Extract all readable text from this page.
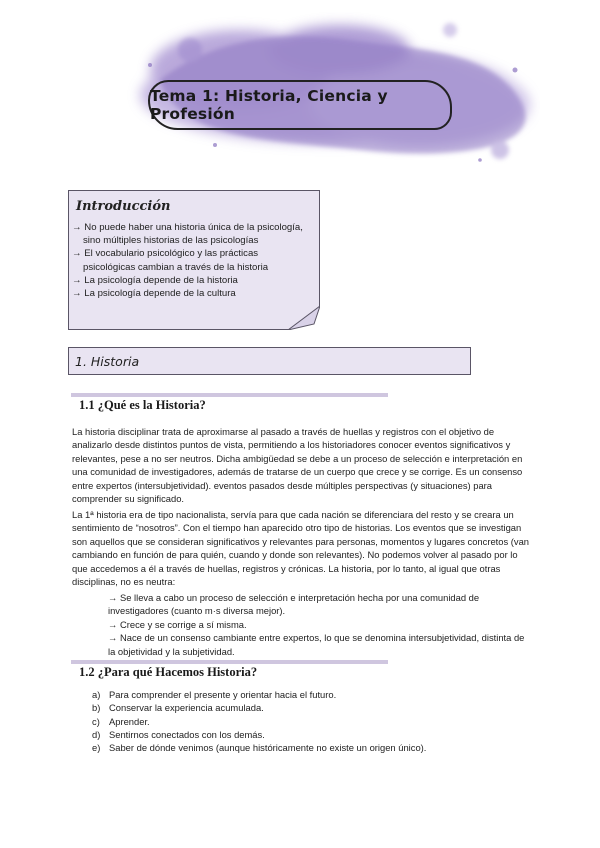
Tema 1: Historia, Ciencia y Profesión
Introducción
→ No puede haber una historia única de la psicología,
sino múltiples historias de las psicologías
→ El vocabulario psicológico y las prácticas
psicológicas cambian a través de la historia
→ La psicología depende de la historia
→ La psicología depende de la cultura
1. Historia
1.1 ¿Qué es la Historia?

La historia disciplinar trata de aproximarse al pasado a través de huellas y registros con el objetivo de analizarlo desde distintos puntos de vista, permitiendo a los historiadores conocer eventos significativos y relevantes, pese a no ser neutros. Dicha ambigüedad se debe a un proceso de selección e interpretación en una comunidad de investigadores, además de tratarse de un cuerpo que crece y se corrige. Es un consenso entre expertos (intersubjetividad). eventos pasados desde múltiples perspectivas (y situaciones) para comprender su significado.

La 1ª historia era de tipo nacionalista, servía para que cada nación se diferenciara del resto y se creara un sentimiento de “nosotros”. Con el tiempo han aparecido otro tipo de historias. Los eventos que se investigan son aquellos que se consideran significativos y relevantes para personas, momentos y lugares concretos (van cambiando en función de para quién, cuando y donde son relevantes). No podemos volver al pasado por lo que accedemos a él a través de huellas, registros y crónicas. La historia, por lo tanto, al igual que otras disciplinas, no es neutra:

→ Se lleva a cabo un proceso de selección e interpretación hecha por una comunidad de investigadores (cuanto m·s diversa mejor).
→ Crece y se corrige a sí misma.
→ Nace de un consenso cambiante entre expertos, lo que se denomina intersubjetividad, distinta de la objetividad y la subjetividad.
1.2 ¿Para qué Hacemos Historia?
a) Para comprender el presente y orientar hacia el futuro.
b) Conservar la experiencia acumulada.
c) Aprender.
d) Sentirnos conectados con los demás.
e) Saber de dónde venimos (aunque históricamente no existe un origen único).
